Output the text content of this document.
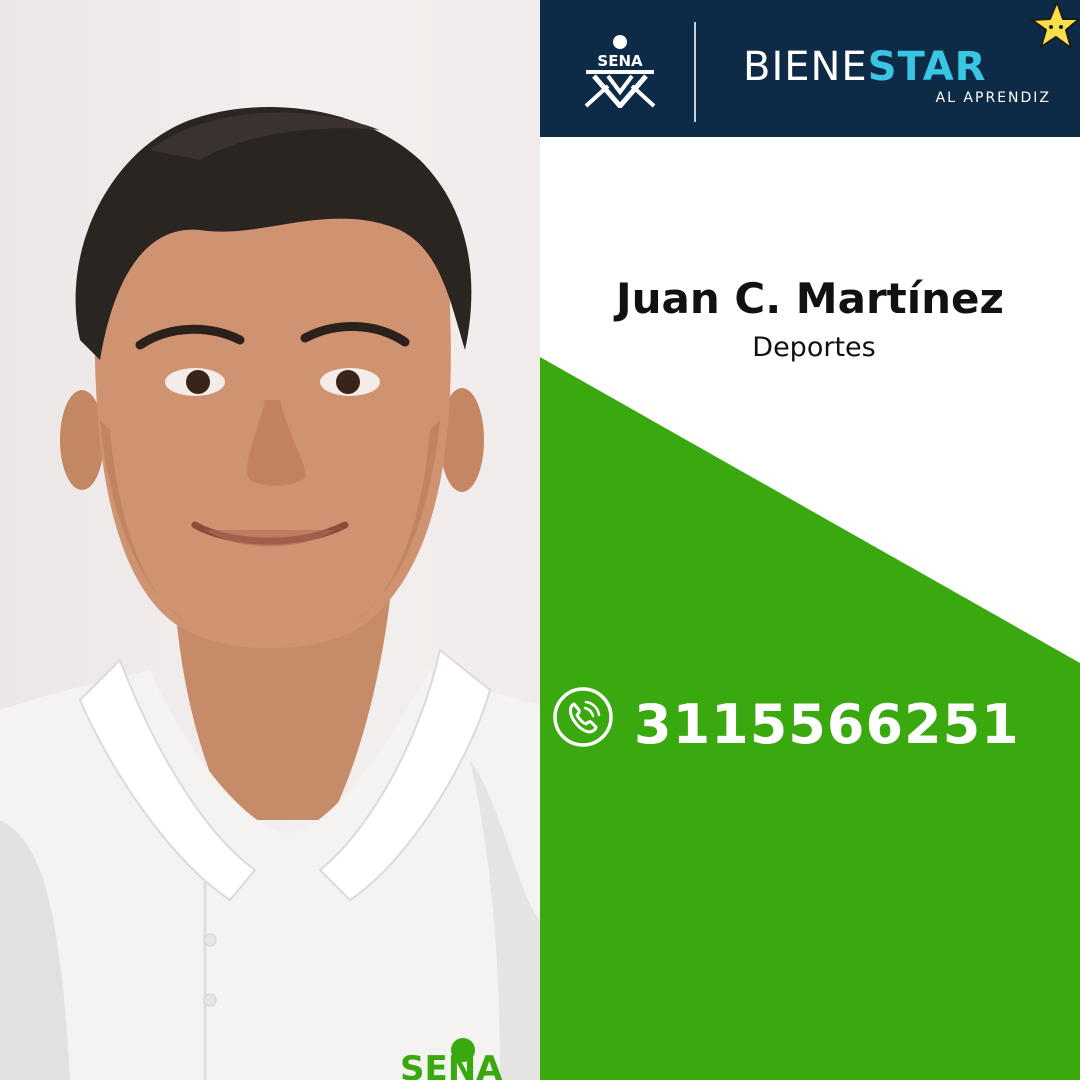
SENA
SENA	BIENESTAR
AL APRENDIZ
Juan C. Martínez
Deportes
3115566251
